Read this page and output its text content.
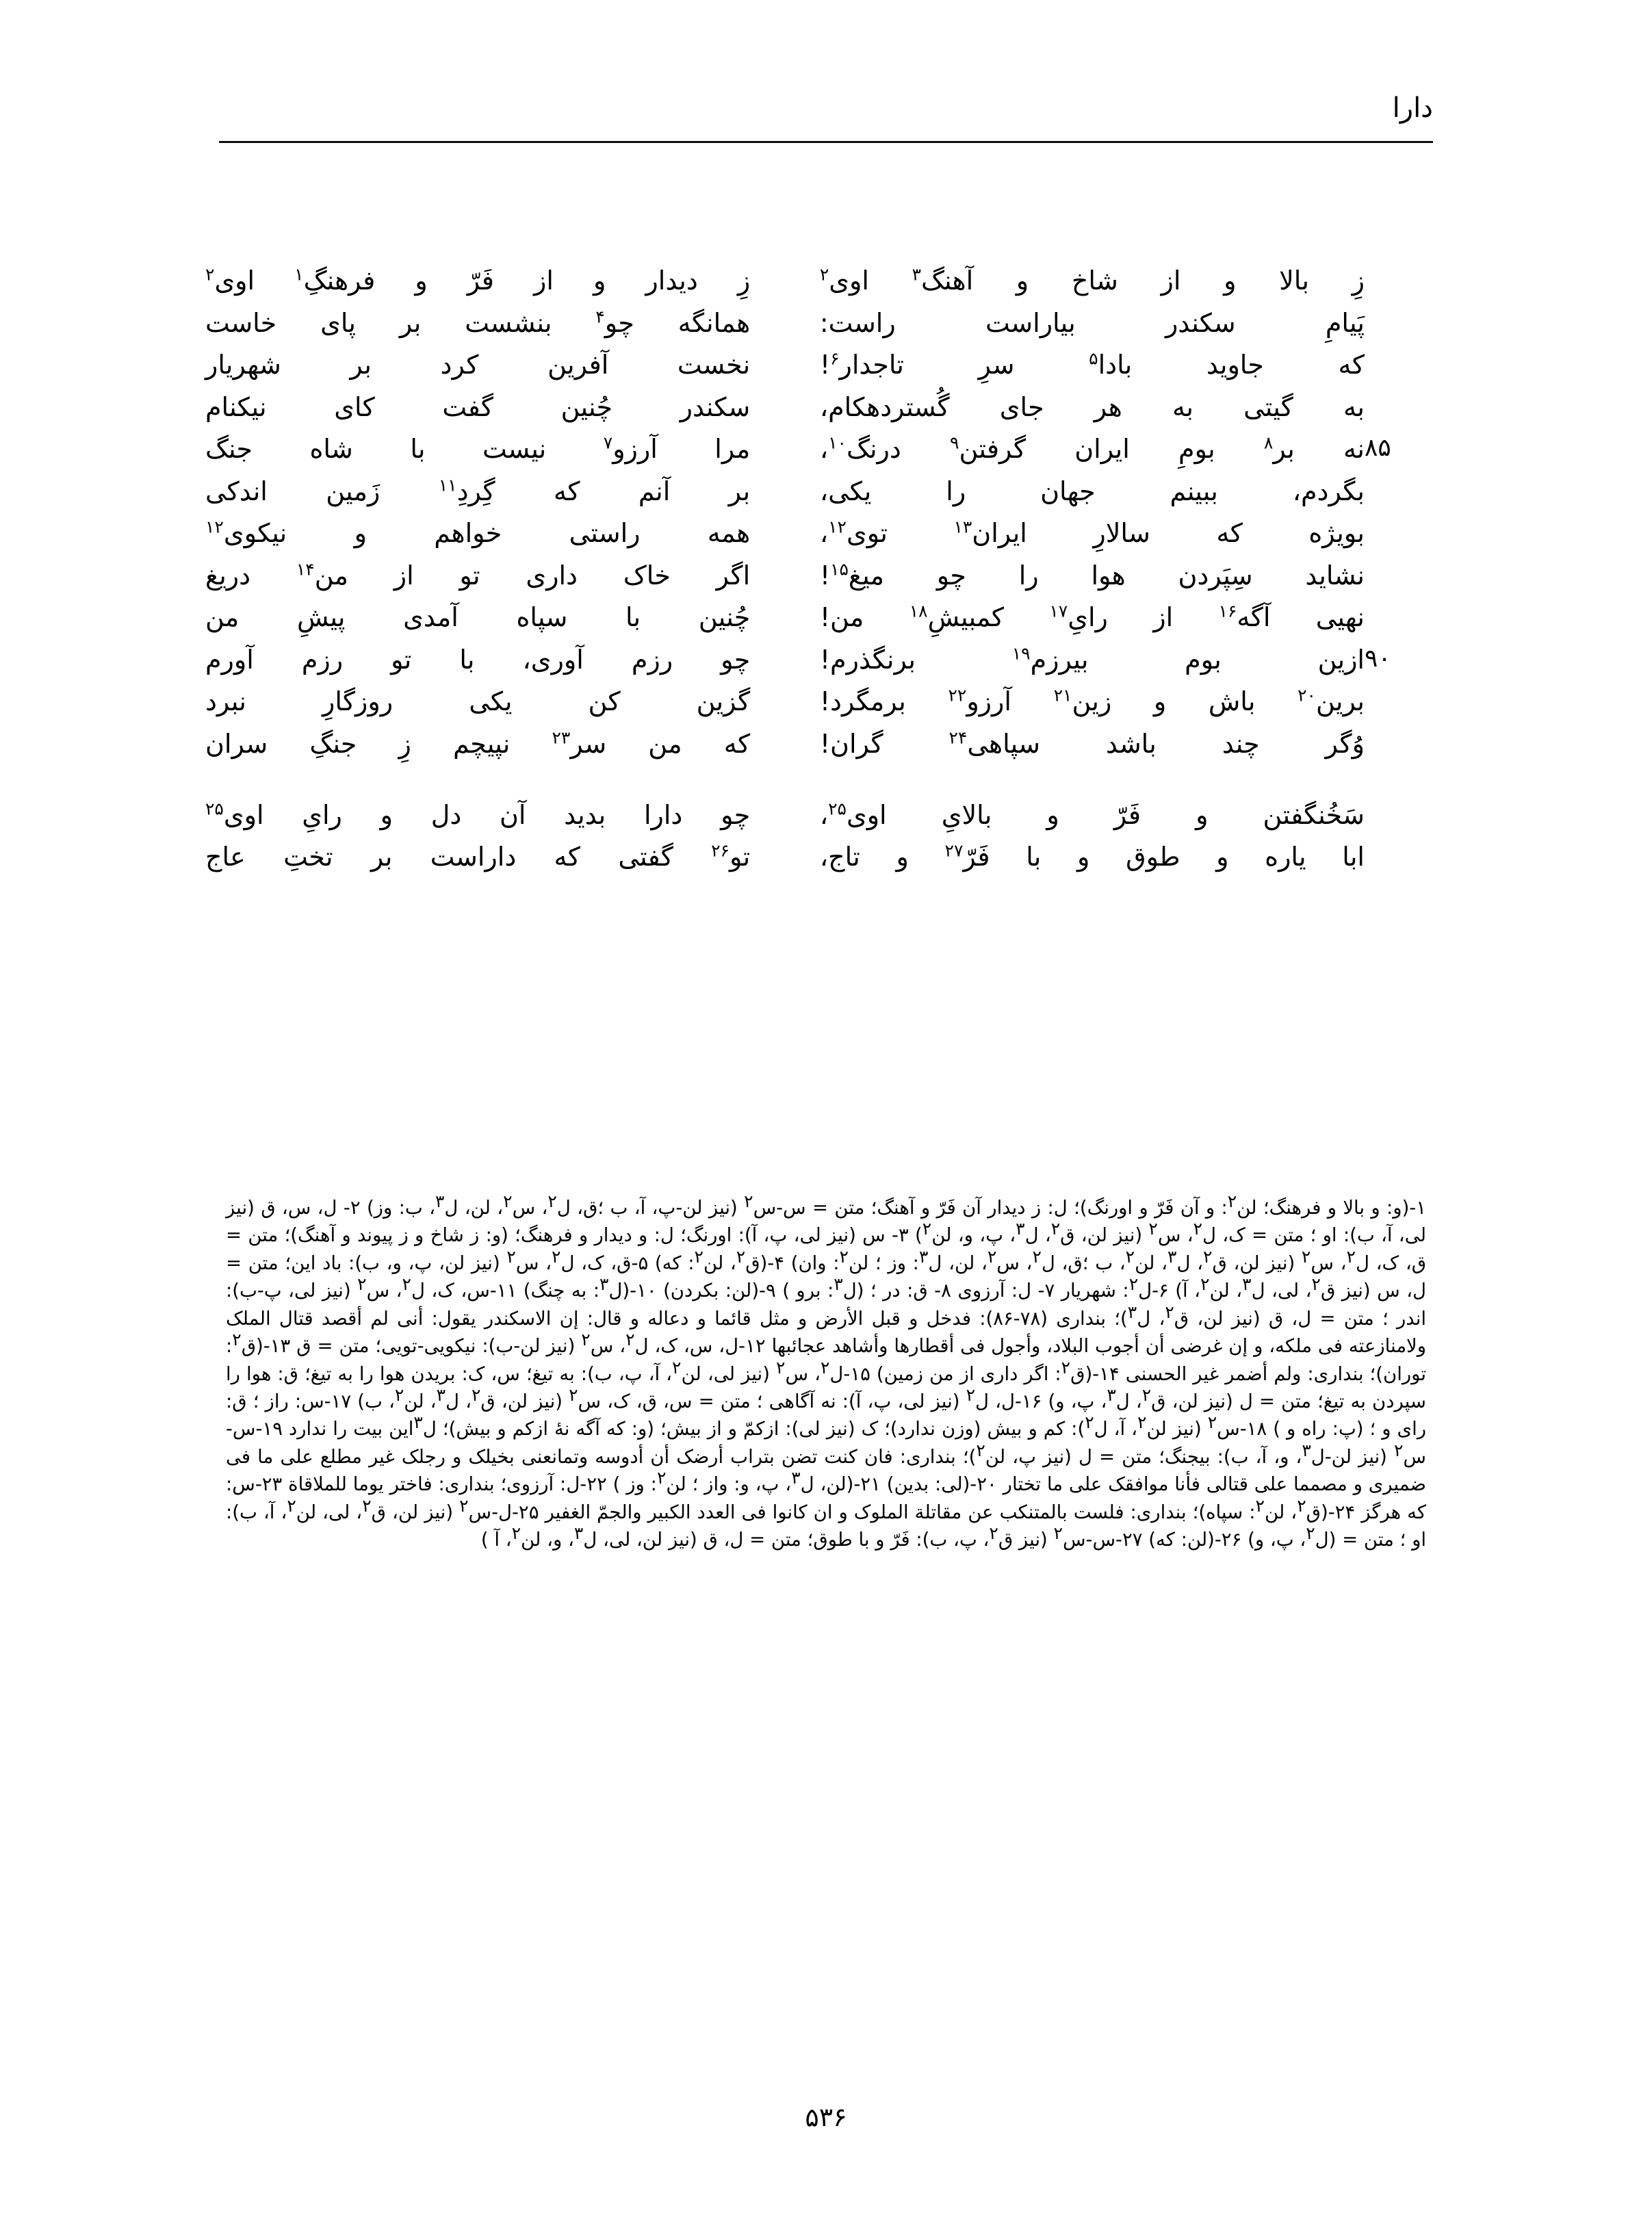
دارا
	زِ بالا و از شاخ و آهنگ$^۳$ اوی$^۲$		زِ دیدار و از فَرّ و فرهنگِ$^۱$ اوی$^۲$
	پَیامِ سکندر بیاراست راست:		همانگه چو$^۴$ بنشست بر پای خاست
	که جاوید بادا$^۵$ سرِ تاجدار$^۶$!		نخست آفرین کرد بر شهریار
	به گیتی به هر جای گُستردهکام،		سکندر چُنین گفت کای نیکنام
۸۵	نه بر$^۸$ بومِ ایران گرفتن$^۹$ درنگ$^{۱۰}$،		مرا آرزو$^۷$ نیست با شاه جنگ
	بگردم، ببینم جهان را یکی،		بر آنم که گِردِ$^{۱۱}$ زَمین اندکی
	بویژه که سالارِ ایران$^{۱۳}$ توی$^{۱۲}$،		همه راستی خواهم و نیکوی$^{۱۲}$
	نشاید سِپَردن هوا را چو میغ$^{۱۵}$!		اگر خاک داری تو از من$^{۱۴}$ دریغ
	نهیی آگه$^{۱۶}$ از رایِ$^{۱۷}$ کمبیشِ$^{۱۸}$ من!		چُنین با سپاه آمدی پیشِ من
۹۰	ازین بوم بیرزم$^{۱۹}$ برنگذرم!		چو رزم آوری، با تو رزم آورم
	برین$^{۲۰}$ باش و زین$^{۲۱}$ آرزو$^{۲۲}$ برمگرد!		گزین کن یکی روزگارِ نبرد
	وُگر چند باشد سپاهی$^{۲۴}$ گران!		که من سر$^{۲۳}$ نپیچم زِ جنگِ سران

	سَخُنگفتن و فَرّ و بالایِ اوی$^{۲۵}$،		چو دارا بدید آن دل و رایِ اوی$^{۲۵}$
	ابا یاره و طوق و با فَرّ$^{۲۷}$ و تاج،		تو$^{۲۶}$ گفتی که داراست بر تختِ عاج

۱-(و: و بالا و فرهنگ؛ لن$^۲$: و آن فَرّ و اورنگ)؛ ل: ز دیدار آن فَرّ و آهنگ؛ متن = س-س$^۲$ (نیز لن-پ، آ، ب ؛ق، ل$^۲$، س$^۲$، لن، ل$^۳$، ب: وز) ۲- ل، س، ق (نیز لی، آ، ب): او ؛ متن = ک، ل$^۲$، س$^۲$ (نیز لن، ق$^۲$، ل$^۳$، پ، و، لن$^۲$) ۳- س (نیز لی، پ، آ): اورنگ؛ ل: و دیدار و فرهنگ؛ (و: ز شاخ و ز پیوند و آهنگ)؛ متن = ق، ک، ل$^۲$، س$^۲$ (نیز لن، ق$^۲$، ل$^۳$، لن$^۲$، ب ؛ق، ل$^۲$، س$^۲$، لن، ل$^۳$: وز ؛ لن$^۲$: وان) ۴-(ق$^۲$، لن$^۲$: که) ۵-ق، ک، ل$^۲$، س$^۲$ (نیز لن، پ، و، ب): باد این؛ متن = ل، س (نیز ق$^۲$، لی، ل$^۳$، لن$^۲$، آ) ۶-ل$^۲$: شهریار ۷- ل: آرزوی ۸- ق: در ؛ (ل$^۳$: برو ) ۹-(لن: بکردن) ۱۰-(ل$^۳$: به چنگ) ۱۱-س، ک، ل$^۲$، س$^۲$ (نیز لی، پ-ب): اندر ؛ متن = ل، ق (نیز لن، ق$^۲$، ل$^۳$)؛ بنداری (۷۸-۸۶): فدخل و قبل الأرض و مثل قائما و دعاله و قال: إن الاسكندر يقول: أنی لم أقصد قتال الملک ولامنازعته فی ملكه، و إن غرضی أن أجوب البلاد، وأجول فی أقطارها وأشاهد عجائبها ۱۲-ل، س، ک، ل$^۲$، س$^۲$ (نیز لن-ب): نیکویی-تویی؛ متن = ق ۱۳-(ق$^۲$: توران)؛ بنداری: ولم أضمر غیر الحسنی ۱۴-(ق$^۲$: اگر داری از من زمین) ۱۵-ل$^۲$، س$^۲$ (نیز لی، لن$^۲$، آ، پ، ب): به تیغ؛ س، ک: بریدن هوا را به تیغ؛ ق: هوا را سپردن به تیغ؛ متن = ل (نیز لن، ق$^۲$، ل$^۳$، پ، و) ۱۶-ل، ل$^۲$ (نیز لی، پ، آ): نه آگاهی ؛ متن = س، ق، ک، س$^۲$ (نیز لن، ق$^۲$، ل$^۳$، لن$^۲$، ب) ۱۷-س: راز ؛ ق: رای و ؛ (پ: راه و ) ۱۸-س$^۲$ (نیز لن$^۲$، آ، ل$^۲$): کم و بیش (وزن ندارد)؛ ک (نیز لی): ازکمّ و از بیش؛ (و: که آگه نهٔ ازکم و بیش)؛ ل$^۳$این بیت را ندارد ۱۹-س-س$^۲$ (نیز لن-ل$^۳$، و، آ، ب): بیجنگ؛ متن = ل (نیز پ، لن$^۲$)؛ بنداری: فان کنت تضن بتراب أرضک أن أدوسه وتمانعنی بخیلک و رجلک غیر مطلع علی ما فی ضمیری و مصمما علی قتالی فأنا موافقک علی ما تختار ۲۰-(لی: بدین) ۲۱-(لن، ل$^۳$، پ، و: واز ؛ لن$^۲$: وز ) ۲۲-ل: آرزوی؛ بنداری: فاختر یوما للملاقاة ۲۳-س: که هرگز ۲۴-(ق$^۲$، لن$^۲$: سپاه)؛ بنداری: فلست بالمتنكب عن مقاتلة الملوک و ان کانوا فی العدد الكبیر والجمّ الغفیر ۲۵-ل-س$^۲$ (نیز لن، ق$^۲$، لی، لن$^۲$، آ، ب): او ؛ متن = (ل$^۲$، پ، و) ۲۶-(لن: که) ۲۷-س-س$^۲$ (نیز ق$^۲$، پ، ب): فَرّ و با طوق؛ متن = ل، ق (نیز لن، لی، ل$^۳$، و، لن$^۲$، آ )

۵۳۶
